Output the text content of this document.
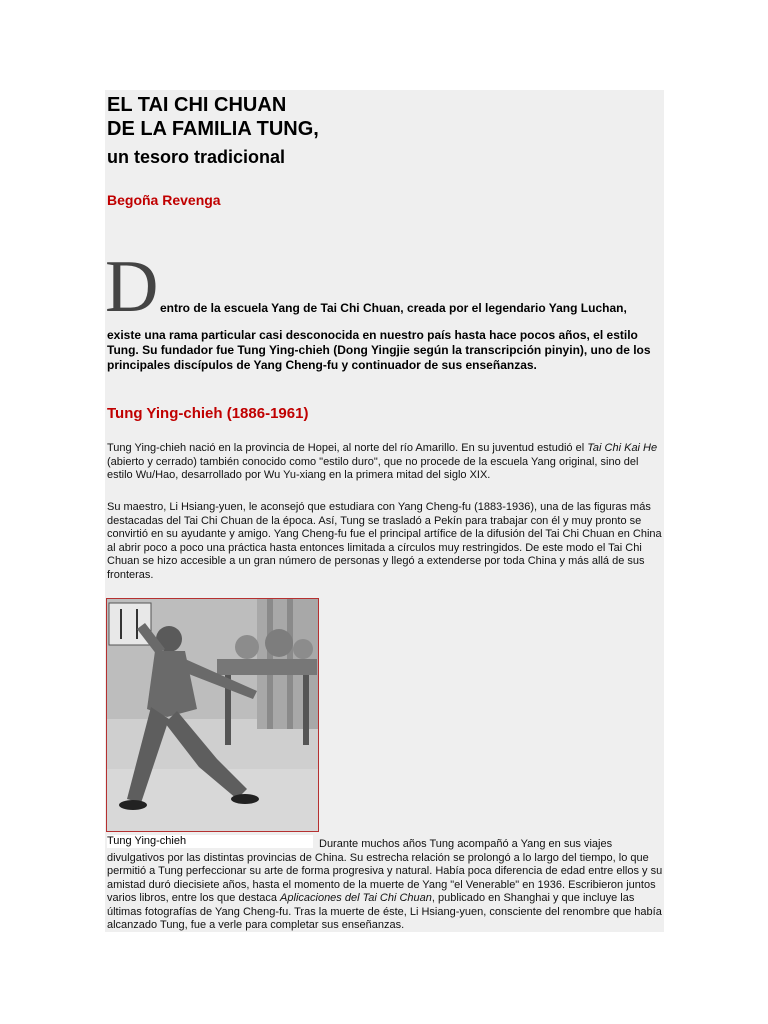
EL TAI CHI CHUAN
DE LA FAMILIA TUNG,
un tesoro tradicional
Begoña Revenga
D entro de la escuela Yang de Tai Chi Chuan, creada por el legendario Yang Luchan,
existe una rama particular casi desconocida en nuestro país hasta hace pocos años, el estilo Tung. Su fundador fue Tung Ying-chieh (Dong Yingjie según la transcripción pinyin), uno de los principales discípulos de Yang Cheng-fu y continuador de sus enseñanzas.
Tung Ying-chieh (1886-1961)
Tung Ying-chieh nació en la provincia de Hopei, al norte del río Amarillo. En su juventud estudió el Tai Chi Kai He (abierto y cerrado) también conocido como "estilo duro", que no procede de la escuela Yang original, sino del estilo Wu/Hao, desarrollado por Wu Yu-xiang en la primera mitad del siglo XIX.
Su maestro, Li Hsiang-yuen, le aconsejó que estudiara con Yang Cheng-fu (1883-1936), una de las figuras más destacadas del Tai Chi Chuan de la época. Así, Tung se trasladó a Pekín para trabajar con él y muy pronto se convirtió en su ayudante y amigo. Yang Cheng-fu fue el principal artífice de la difusión del Tai Chi Chuan en China al abrir poco a poco una práctica hasta entonces limitada a círculos muy restringidos. De este modo el Tai Chi Chuan se hizo accesible a un gran número de personas y llegó a extenderse por toda China y más allá de sus fronteras.
Durante muchos años Tung acompañó a Yang en sus viajes divulgativos por las distintas provincias de China. Su estrecha relación se prolongó a lo largo del tiempo, lo que permitió a Tung perfeccionar su arte de forma progresiva y natural. Había poca diferencia de edad entre ellos y su amistad duró diecisiete años, hasta el momento de la muerte de Yang "el Venerable" en 1936. Escribieron juntos varios libros, entre los que destaca Aplicaciones del Tai Chi Chuan, publicado en Shanghai y que incluye las últimas fotografías de Yang Cheng-fu. Tras la muerte de éste, Li Hsiang-yuen, consciente del renombre que había alcanzado Tung, fue a verle para completar sus enseñanzas.
Tung Ying-chieh
